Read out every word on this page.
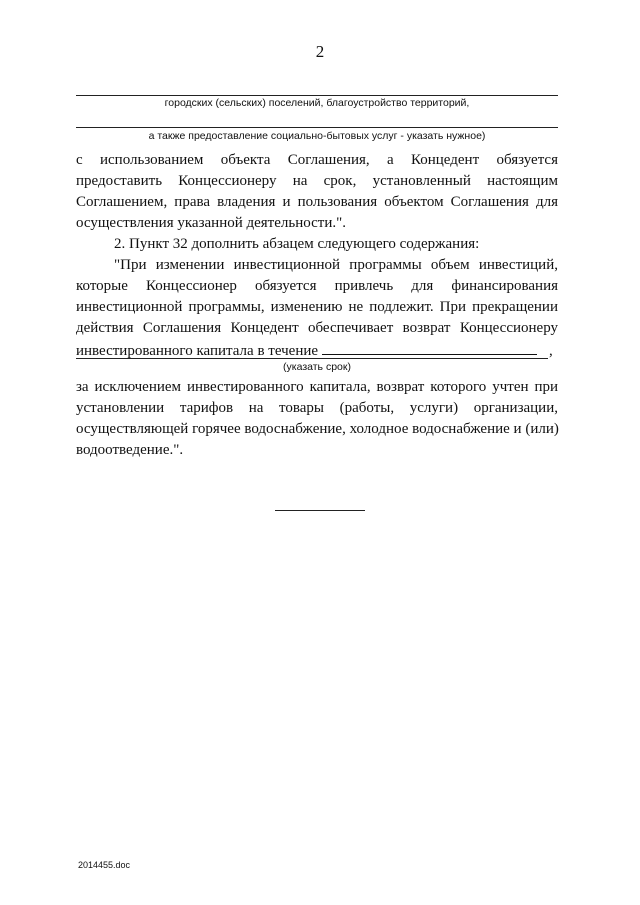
2
городских (сельских) поселений, благоустройство территорий,
а также предоставление социально-бытовых услуг - указать нужное)
с использованием объекта Соглашения, а Концедент обязуется
предоставить Концессионеру на срок, установленный настоящим
Соглашением, права владения и пользования объектом Соглашения для
осуществления указанной деятельности.".
2. Пункт 32 дополнить абзацем следующего содержания:
"При изменении инвестиционной программы объем инвестиций,
которые Концессионер обязуется привлечь для финансирования
инвестиционной программы, изменению не подлежит. При прекращении
действия Соглашения Концедент обеспечивает возврат Концессионеру
инвестированного капитала в течение	,
(указать срок)
за исключением инвестированного капитала, возврат которого учтен при
установлении тарифов на товары (работы, услуги) организации,
осуществляющей горячее водоснабжение, холодное водоснабжение и (или)
водоотведение.".
2014455.doc
